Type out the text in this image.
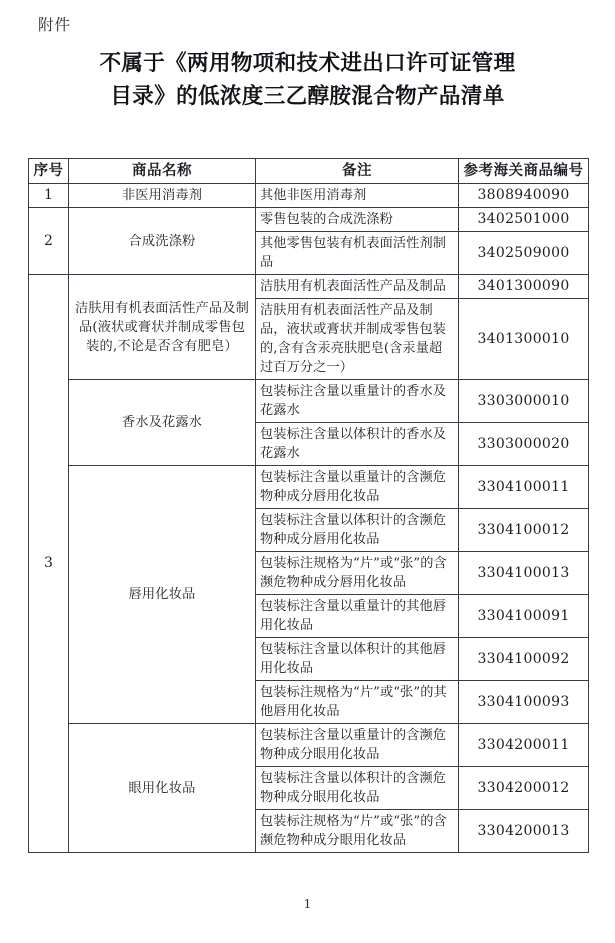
附件
不属于《两用物项和技术进出口许可证管理
目录》的低浓度三乙醇胺混合物产品清单
序号	商品名称	备注	参考海关商品编号
1	非医用消毒剂	其他非医用消毒剂	3808940090
2	合成洗涤粉	零售包装的合成洗涤粉	3402501000
		其他零售包装有机表面活性剂制品	3402509000
3	洁肤用有机表面活性产品及制品(液状或膏状并制成零售包装的,不论是否含有肥皂）	洁肤用有机表面活性产品及制品	3401300090
		洁肤用有机表面活性产品及制品，液状或膏状并制成零售包装的,含有含汞亮肤肥皂(含汞量超过百万分之一）	3401300010
	香水及花露水	包装标注含量以重量计的香水及花露水	3303000010
		包装标注含量以体积计的香水及花露水	3303000020
	唇用化妆品	包装标注含量以重量计的含濒危物种成分唇用化妆品	3304100011
		包装标注含量以体积计的含濒危物种成分唇用化妆品	3304100012
		包装标注规格为“片”或“张”的含濒危物种成分唇用化妆品	3304100013
		包装标注含量以重量计的其他唇用化妆品	3304100091
		包装标注含量以体积计的其他唇用化妆品	3304100092
		包装标注规格为“片”或“张”的其他唇用化妆品	3304100093
	眼用化妆品	包装标注含量以重量计的含濒危物种成分眼用化妆品	3304200011
		包装标注含量以体积计的含濒危物种成分眼用化妆品	3304200012
		包装标注规格为“片”或“张”的含濒危物种成分眼用化妆品	3304200013
1
